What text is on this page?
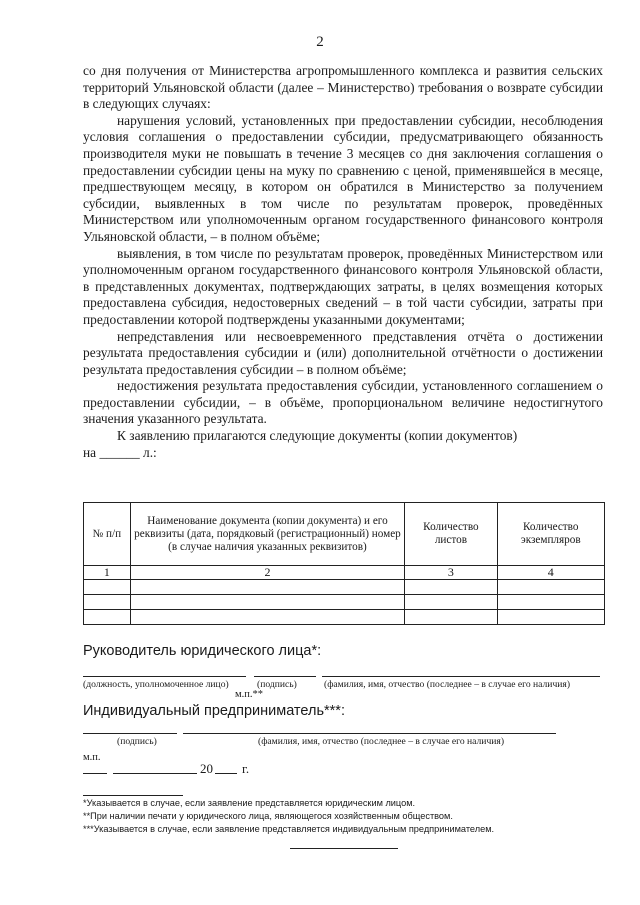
2

со дня получения от Министерства агропромышленного комплекса и развития сельских территорий Ульяновской области (далее – Министерство) требования о возврате субсидии в следующих случаях:

нарушения условий, установленных при предоставлении субсидии, несоблюдения условия соглашения о предоставлении субсидии, предусматривающего обязанность производителя муки не повышать в течение 3 месяцев со дня заключения соглашения о предоставлении субсидии цены на муку по сравнению с ценой, применявшейся в месяце, предшествующем месяцу, в котором он обратился в Министерство за получением субсидии, выявленных в том числе по результатам проверок, проведённых Министерством или уполномоченным органом государственного финансового контроля Ульяновской области, – в полном объёме;

выявления, в том числе по результатам проверок, проведённых Министерством или уполномоченным органом государственного финансового контроля Ульяновской области, в представленных документах, подтверждающих затраты, в целях возмещения которых предоставлена субсидия, недостоверных сведений – в той части субсидии, затраты при предоставлении которой подтверждены указанными документами;

непредставления или несвоевременного представления отчёта о достижении результата предоставления субсидии и (или) дополнительной отчётности о достижении результата предоставления субсидии – в полном объёме;

недостижения результата предоставления субсидии, установленного соглашением о предоставлении субсидии, – в объёме, пропорциональном величине недостигнутого значения указанного результата.

К заявлению прилагаются следующие документы (копии документов)

на ______ л.:

№ п/п	Наименование документа (копии документа) и его реквизиты (дата, порядковый (регистрационный) номер (в случае наличия указанных реквизитов)	Количество листов	Количество экземпляров
1	2	3	4

Руководитель юридического лица*:
(должность, уполномоченное лицо)	(подпись)	(фамилия, имя, отчество (последнее – в случае его наличия)
м.п.**
Индивидуальный предприниматель***:
(подпись)	(фамилия, имя, отчество (последнее – в случае его наличия)
м.п.
20 г.
*Указывается в случае, если заявление представляется юридическим лицом.
**При наличии печати у юридического лица, являющегося хозяйственным обществом.
***Указывается в случае, если заявление представляется индивидуальным предпринимателем.
